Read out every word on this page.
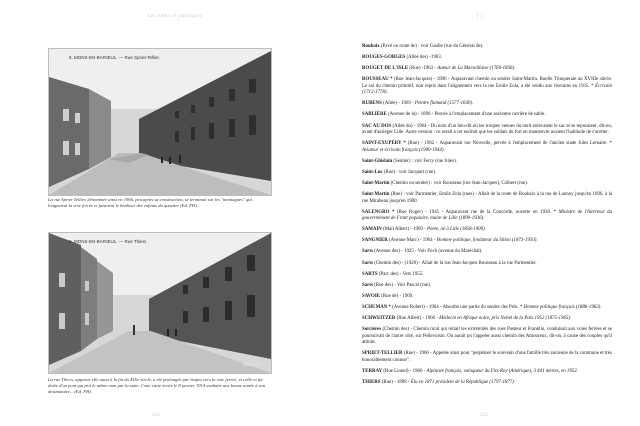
Les noms et publiques
8. MONS-EN-BARŒUL. — Rue Spriet-Tellier.
La rue Spriet-Tellier, dénommée ainsi en 1966, peu après sa construction, se terminait sur les "montagnes" qui longeaient la voie ferrée et faisaient le bonheur des enfants du quartier (Ed. FH).
9. MONS-EN-BARŒUL. — Rue Thiers
Édit. F. G.
La rue Thiers, apparue elle aussi à la fin du XIXe siècle, a été prolongée par étapes vers la voie ferrée, et celle-ci fut dotée d'un pont qui prit le même nom par la suite. Cette carte écrite le 8 janvier 1914 souhaite une bonne année à son destinataire... (Ed. FH).
214
( )

Roubaix (Pavé ou route de) : voir Gaulle (rue du Général de).

ROUGES-GORGES (Allée des) -1963.

ROUGET DE L'ISLE (Rue) -1963 - Auteur de La Marseillaise (1760-1836).

ROUSSEAU * (Rue Jean-Jacques) - 1896 - Auparavant chemin ou sentier Saint-Martin. Ruelle Trinqueraie au XVIIIe siècle. Le sol du chemin primitif, non repris dans l'alignement vers la rue Emile Zola, a été vendu aux riverains en 1935. * Écrivain (1712-1778).

RUBENS (Allée) - 1969 - Peintre flamand (1577-1640).

SABLIÈRE (Avenue de la) - 1898 - Percée à l'emplacement d'une ancienne carrière de sable.

SAC AU DOS (Allée du) - 1964 - Du nom d'un lieu-dit où les troupes venues du nord enlevaient le sac et se reposaient, dit-on, avant d'assiéger Lille. Autre version : ce serait à cet endroit que les soldats du fort en manœuvre avaient l'habitude de s'arrêter.

SAINT-EXUPÉRY * (Rue) - 1962 - Auparavant rue Nouvelle, percée à l'emplacement de l'ancien stade Jules Lemaire. * Aviateur et écrivain français (1900-1944).

Saint-Ghislain (Sentier) : voir Ferry (rue Jules).

Saint-Luc (Rue) : voir Jacquart (rue).

Saint-Martin (Chemin ou sentier) : voir Rousseau (rue Jean-Jacques), Colbert (rue).

Saint-Martin (Rue) : voir Parmentier, Emile Zola (rues) - Allait de la route de Roubaix à la rue de Lannoy jusqu'en 1896, à la rue Mirabeau jusqu'en 1900.

SALENGRO * (Rue Roger) - 1945 - Auparavant rue de la Concorde, ouverte en 1930. * Ministre de l'Intérieur du gouvernement de Front populaire, maire de Lille (1890-1936).

SAMAIN (Mail Albert) - 1969 - Poète, né à Lille (1858-1900).

SANGNIER (Avenue Marc) - 1964 - Homme politique, fondateur du Sillon (1873-1950).

Sarts (Avenue des) - 1925 - Voir Foch (avenue du Maréchal).

Sarts (Chemin des) - (1928) - Allait de la rue Jean-Jacques Rousseau à la rue Parmentier.

SARTS (Parc des) - Vers 1955.

Sarts (Rue des) - Voir Pascal (rue).

SAVOIE (Rue de) - 1969.

SCHUMAN * (Avenue Robert) - 1964 - Absorbe une partie du sentier des Prés. * Homme politique français (1886-1963).

SCHWEITZER (Rue Albert) - 1966 - Médecin en Afrique noire, prix Nobel de la Paix 1952 (1875-1965).

Sorcières (Chemin des) - Chemin rural qui reliait les extrémités des rues Pasteur et Franklin, conduisait aux voies ferrées et se poursuivait de l'autre côté, sur Pellevoisin. On aurait pu l'appeler aussi chemin des Amoureux, dit-on, à cause des couples qu'il attirait.

SPRIET-TELLIER (Rue) - 1966 - Appelée ainsi pour "perpétuer le souvenir d'une famille très ancienne de la commune et très honorablement connue".

TERRAY (Rue Lionel) - 1966 - Alpiniste français, vainqueur du Fitz-Roy (Amérique), 3 441 mètres, en 1952.

THIERS (Rue) - 1898 - Élu en 1871 président de la République (1797-1877).

215
